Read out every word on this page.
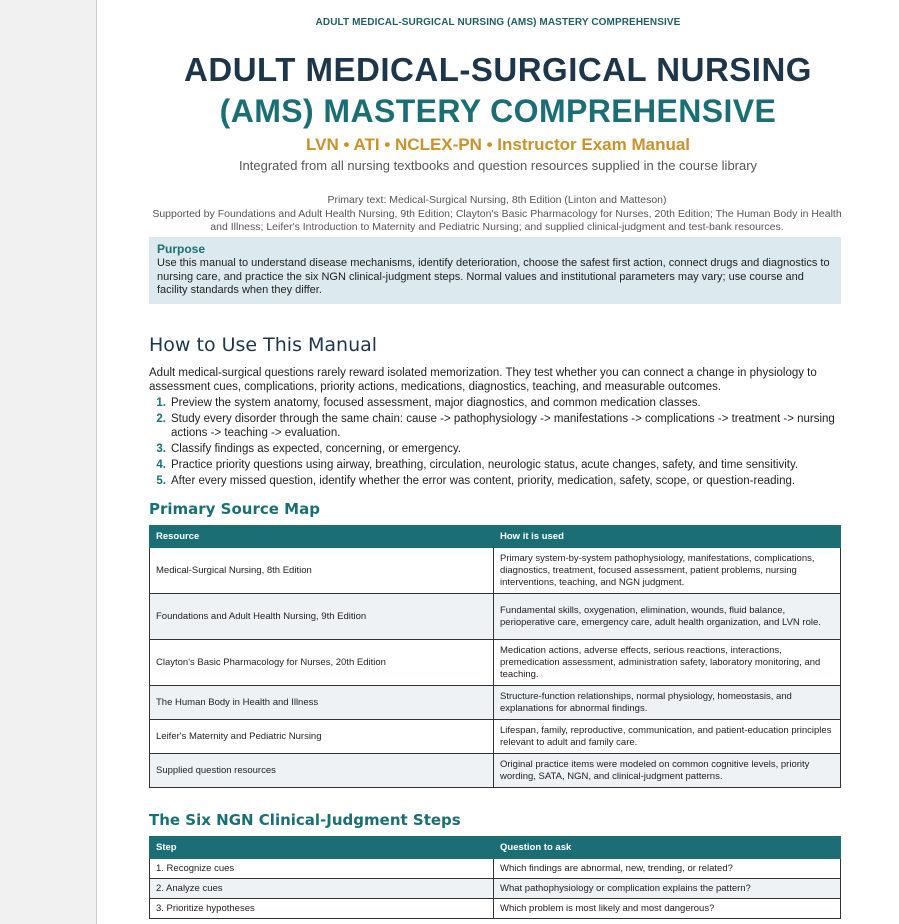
ADULT MEDICAL-SURGICAL NURSING (AMS) MASTERY COMPREHENSIVE
ADULT MEDICAL-SURGICAL NURSING
(AMS) MASTERY COMPREHENSIVE
LVN • ATI • NCLEX-PN • Instructor Exam Manual
Integrated from all nursing textbooks and question resources supplied in the course library
Primary text: Medical-Surgical Nursing, 8th Edition (Linton and Matteson)
Supported by Foundations and Adult Health Nursing, 9th Edition; Clayton's Basic Pharmacology for Nurses, 20th Edition; The Human Body in Health and Illness; Leifer's Introduction to Maternity and Pediatric Nursing; and supplied clinical-judgment and test-bank resources.
Purpose
Use this manual to understand disease mechanisms, identify deterioration, choose the safest first action, connect drugs and diagnostics to nursing care, and practice the six NGN clinical-judgment steps. Normal values and institutional parameters may vary; use course and facility standards when they differ.
How to Use This Manual
Adult medical-surgical questions rarely reward isolated memorization. They test whether you can connect a change in physiology to assessment cues, complications, priority actions, medications, diagnostics, teaching, and measurable outcomes.
1. Preview the system anatomy, focused assessment, major diagnostics, and common medication classes.
2. Study every disorder through the same chain: cause -> pathophysiology -> manifestations -> complications -> treatment -> nursing actions -> teaching -> evaluation.
3. Classify findings as expected, concerning, or emergency.
4. Practice priority questions using airway, breathing, circulation, neurologic status, acute changes, safety, and time sensitivity.
5. After every missed question, identify whether the error was content, priority, medication, safety, scope, or question-reading.
Primary Source Map
Resource	How it is used
Medical-Surgical Nursing, 8th Edition	Primary system-by-system pathophysiology, manifestations, complications, diagnostics, treatment, focused assessment, patient problems, nursing interventions, teaching, and NGN judgment.
Foundations and Adult Health Nursing, 9th Edition	Fundamental skills, oxygenation, elimination, wounds, fluid balance, perioperative care, emergency care, adult health organization, and LVN role.
Clayton's Basic Pharmacology for Nurses, 20th Edition	Medication actions, adverse effects, serious reactions, interactions, premedication assessment, administration safety, laboratory monitoring, and teaching.
The Human Body in Health and Illness	Structure-function relationships, normal physiology, homeostasis, and explanations for abnormal findings.
Leifer's Maternity and Pediatric Nursing	Lifespan, family, reproductive, communication, and patient-education principles relevant to adult and family care.
Supplied question resources	Original practice items were modeled on common cognitive levels, priority wording, SATA, NGN, and clinical-judgment patterns.
The Six NGN Clinical-Judgment Steps
Step	Question to ask
1. Recognize cues	Which findings are abnormal, new, trending, or related?
2. Analyze cues	What pathophysiology or complication explains the pattern?
3. Prioritize hypotheses	Which problem is most likely and most dangerous?
